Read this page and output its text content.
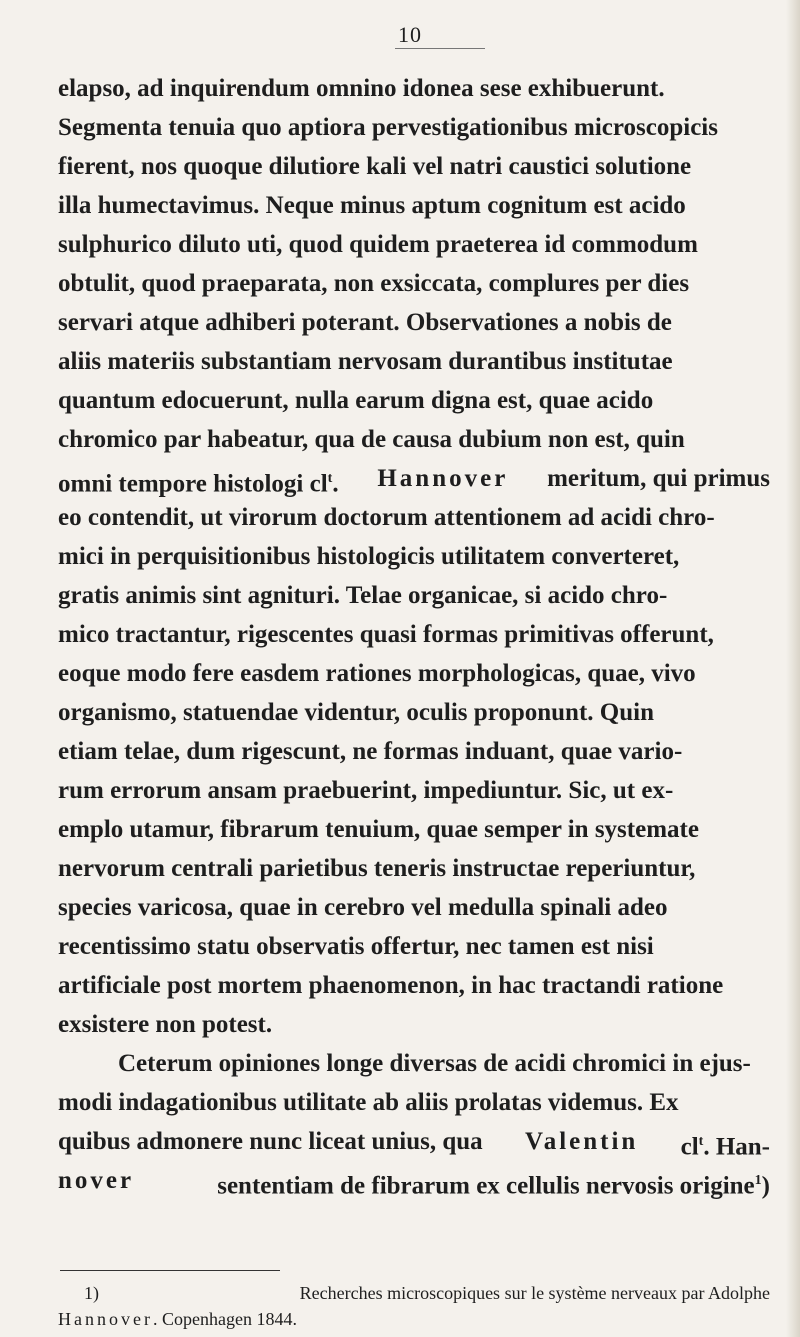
10
elapso, ad inquirendum omnino idonea sese exhibuerunt.
Segmenta tenuia quo aptiora pervestigationibus microscopicis
fierent, nos quoque dilutiore kali vel natri caustici solutione
illa humectavimus. Neque minus aptum cognitum est acido
sulphurico diluto uti, quod quidem praeterea id commodum
obtulit, quod praeparata, non exsiccata, complures per dies
servari atque adhiberi poterant. Observationes a nobis de
aliis materiis substantiam nervosam durantibus institutae
quantum edocuerunt, nulla earum digna est, quae acido
chromico par habeatur, qua de causa dubium non est, quin
omni tempore histologi $cl^t$. Hannover meritum, qui primus
eo contendit, ut virorum doctorum attentionem ad acidi chro-
mici in perquisitionibus histologicis utilitatem converteret,
gratis animis sint agnituri. Telae organicae, si acido chro-
mico tractantur, rigescentes quasi formas primitivas offerunt,
eoque modo fere easdem rationes morphologicas, quae, vivo
organismo, statuendae videntur, oculis proponunt. Quin
etiam telae, dum rigescunt, ne formas induant, quae vario-
rum errorum ansam praebuerint, impediuntur. Sic, ut ex-
emplo utamur, fibrarum tenuium, quae semper in systemate
nervorum centrali parietibus teneris instructae reperiuntur,
species varicosa, quae in cerebro vel medulla spinali adeo
recentissimo statu observatis offertur, nec tamen est nisi
artificiale post mortem phaenomenon, in hac tractandi ratione
exsistere non potest.
Ceterum opiniones longe diversas de acidi chromici in ejus-
modi indagationibus utilitate ab aliis prolatas videmus. Ex
quibus admonere nunc liceat unius, qua Valentin $cl^t$. Han-
nover	sententiam de fibrarum ex cellulis nervosis origine$^1$)
1)	Recherches microscopiques sur le système nerveaux par Adolphe
Hannover. Copenhagen 1844.
